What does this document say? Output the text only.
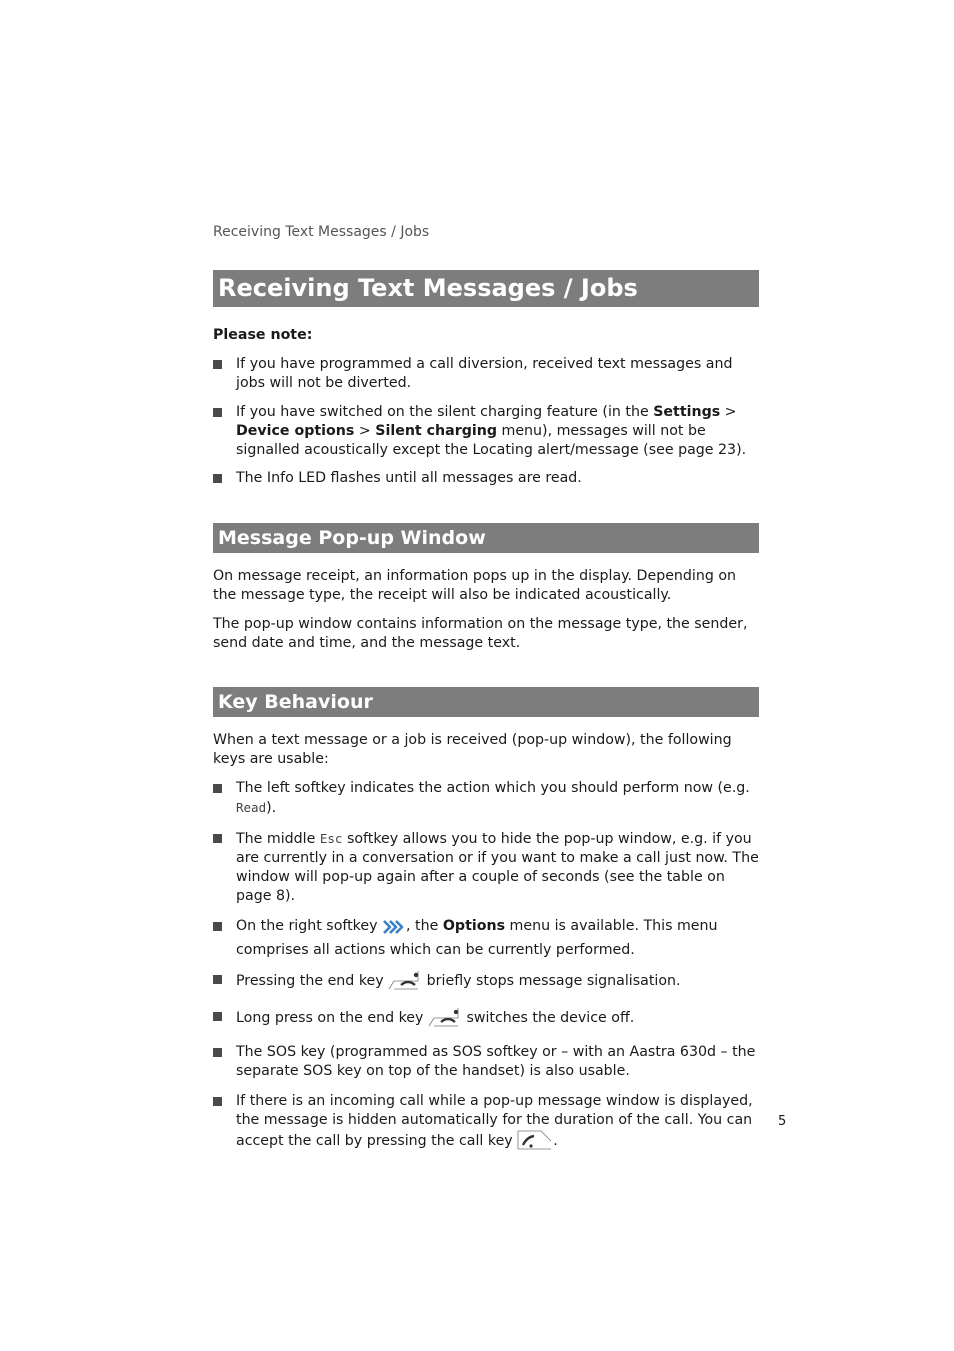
Receiving Text Messages / Jobs
Receiving Text Messages / Jobs
Please note:
If you have programmed a call diversion, received text messages and jobs will not be diverted.
If you have switched on the silent charging feature (in the Settings > Device options > Silent charging menu), messages will not be signalled acoustically except the Locating alert/message (see page 23).
The Info LED flashes until all messages are read.
Message Pop-up Window
On message receipt, an information pops up in the display. Depending on the message type, the receipt will also be indicated acoustically.
The pop-up window contains information on the message type, the sender, send date and time, and the message text.
Key Behaviour
When a text message or a job is received (pop-up window), the following keys are usable:
The left softkey indicates the action which you should perform now (e.g. Read).
The middle Esc softkey allows you to hide the pop-up window, e.g. if you are currently in a conversation or if you want to make a call just now. The window will pop-up again after a couple of seconds (see the table on page 8).
On the right softkey , the Options menu is available. This menu comprises all actions which can be currently performed.
Pressing the end key  briefly stops message signalisation.
Long press on the end key  switches the device off.
The SOS key (programmed as SOS softkey or – with an Aastra 630d – the separate SOS key on top of the handset) is also usable.
If there is an incoming call while a pop-up message window is displayed, the message is hidden automatically for the duration of the call. You can accept the call by pressing the call key	.
5
